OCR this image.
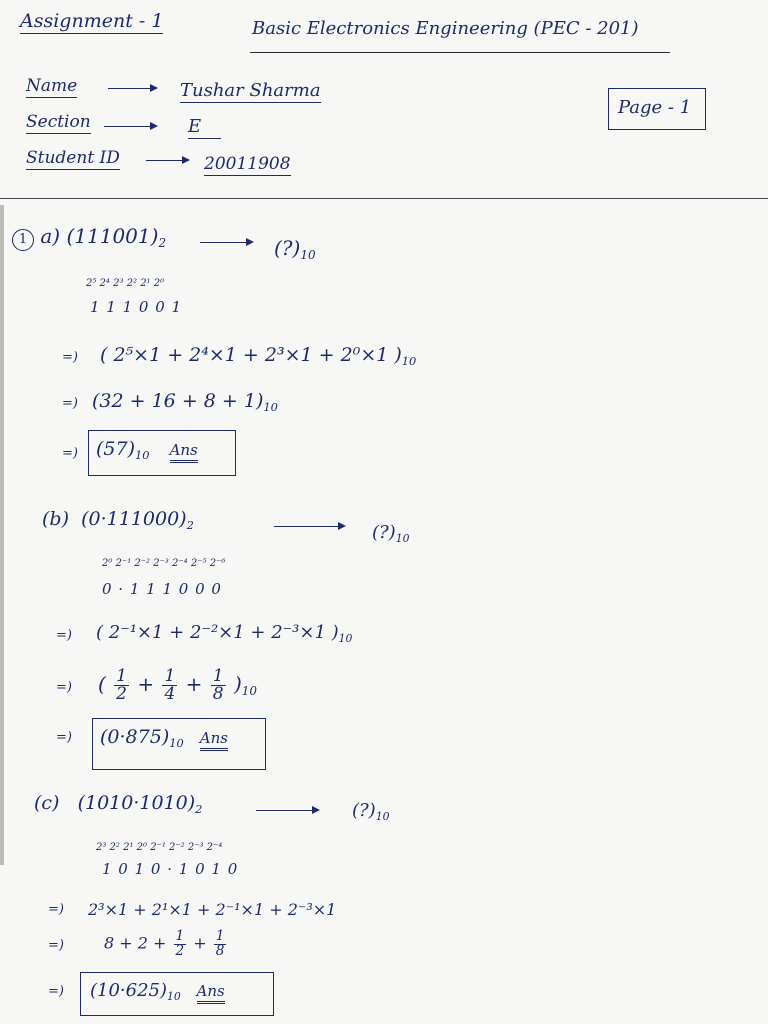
Assignment - 1	Basic Electronics Engineering (PEC - 201)
Name	Tushar Sharma
Section	E
Student ID	20011908
Page - 1
1 a) $(111001)_2$	$(?)_{10}$
2⁵ 2⁴ 2³ 2² 2¹ 2⁰
1 1 1 0 0 1
=) ( 2⁵×1 + 2⁴×1 + 2³×1 + 2⁰×1 )$_{10}$
=) $(32 + 16 + 8 + 1)_{10}$
=) $(57)_{10}$ Ans
(b)  $(0\cdot 111000)_2$	$(?)_{10}$
2⁰ 2⁻¹ 2⁻² 2⁻³ 2⁻⁴ 2⁻⁵ 2⁻⁶
0 · 1 1 1 0 0 0
=) ( 2⁻¹×1 + 2⁻²×1 + 2⁻³×1 )$_{10}$
=) ( $\frac{1}{2} + \frac{1}{4} + \frac{1}{8} )_{10}$
=) $(0\cdot 875)_{10}$ Ans
(c)   $(1010\cdot 1010)_2$	$(?)_{10}$
2³ 2² 2¹ 2⁰ 2⁻¹ 2⁻² 2⁻³ 2⁻⁴
1 0 1 0 · 1 0 1 0
=) 2³×1 + 2¹×1 + 2⁻¹×1 + 2⁻³×1
=)	$8 + 2 + \frac{1}{2} + \frac{1}{8}$
=) $(10\cdot 625)_{10}$ Ans
